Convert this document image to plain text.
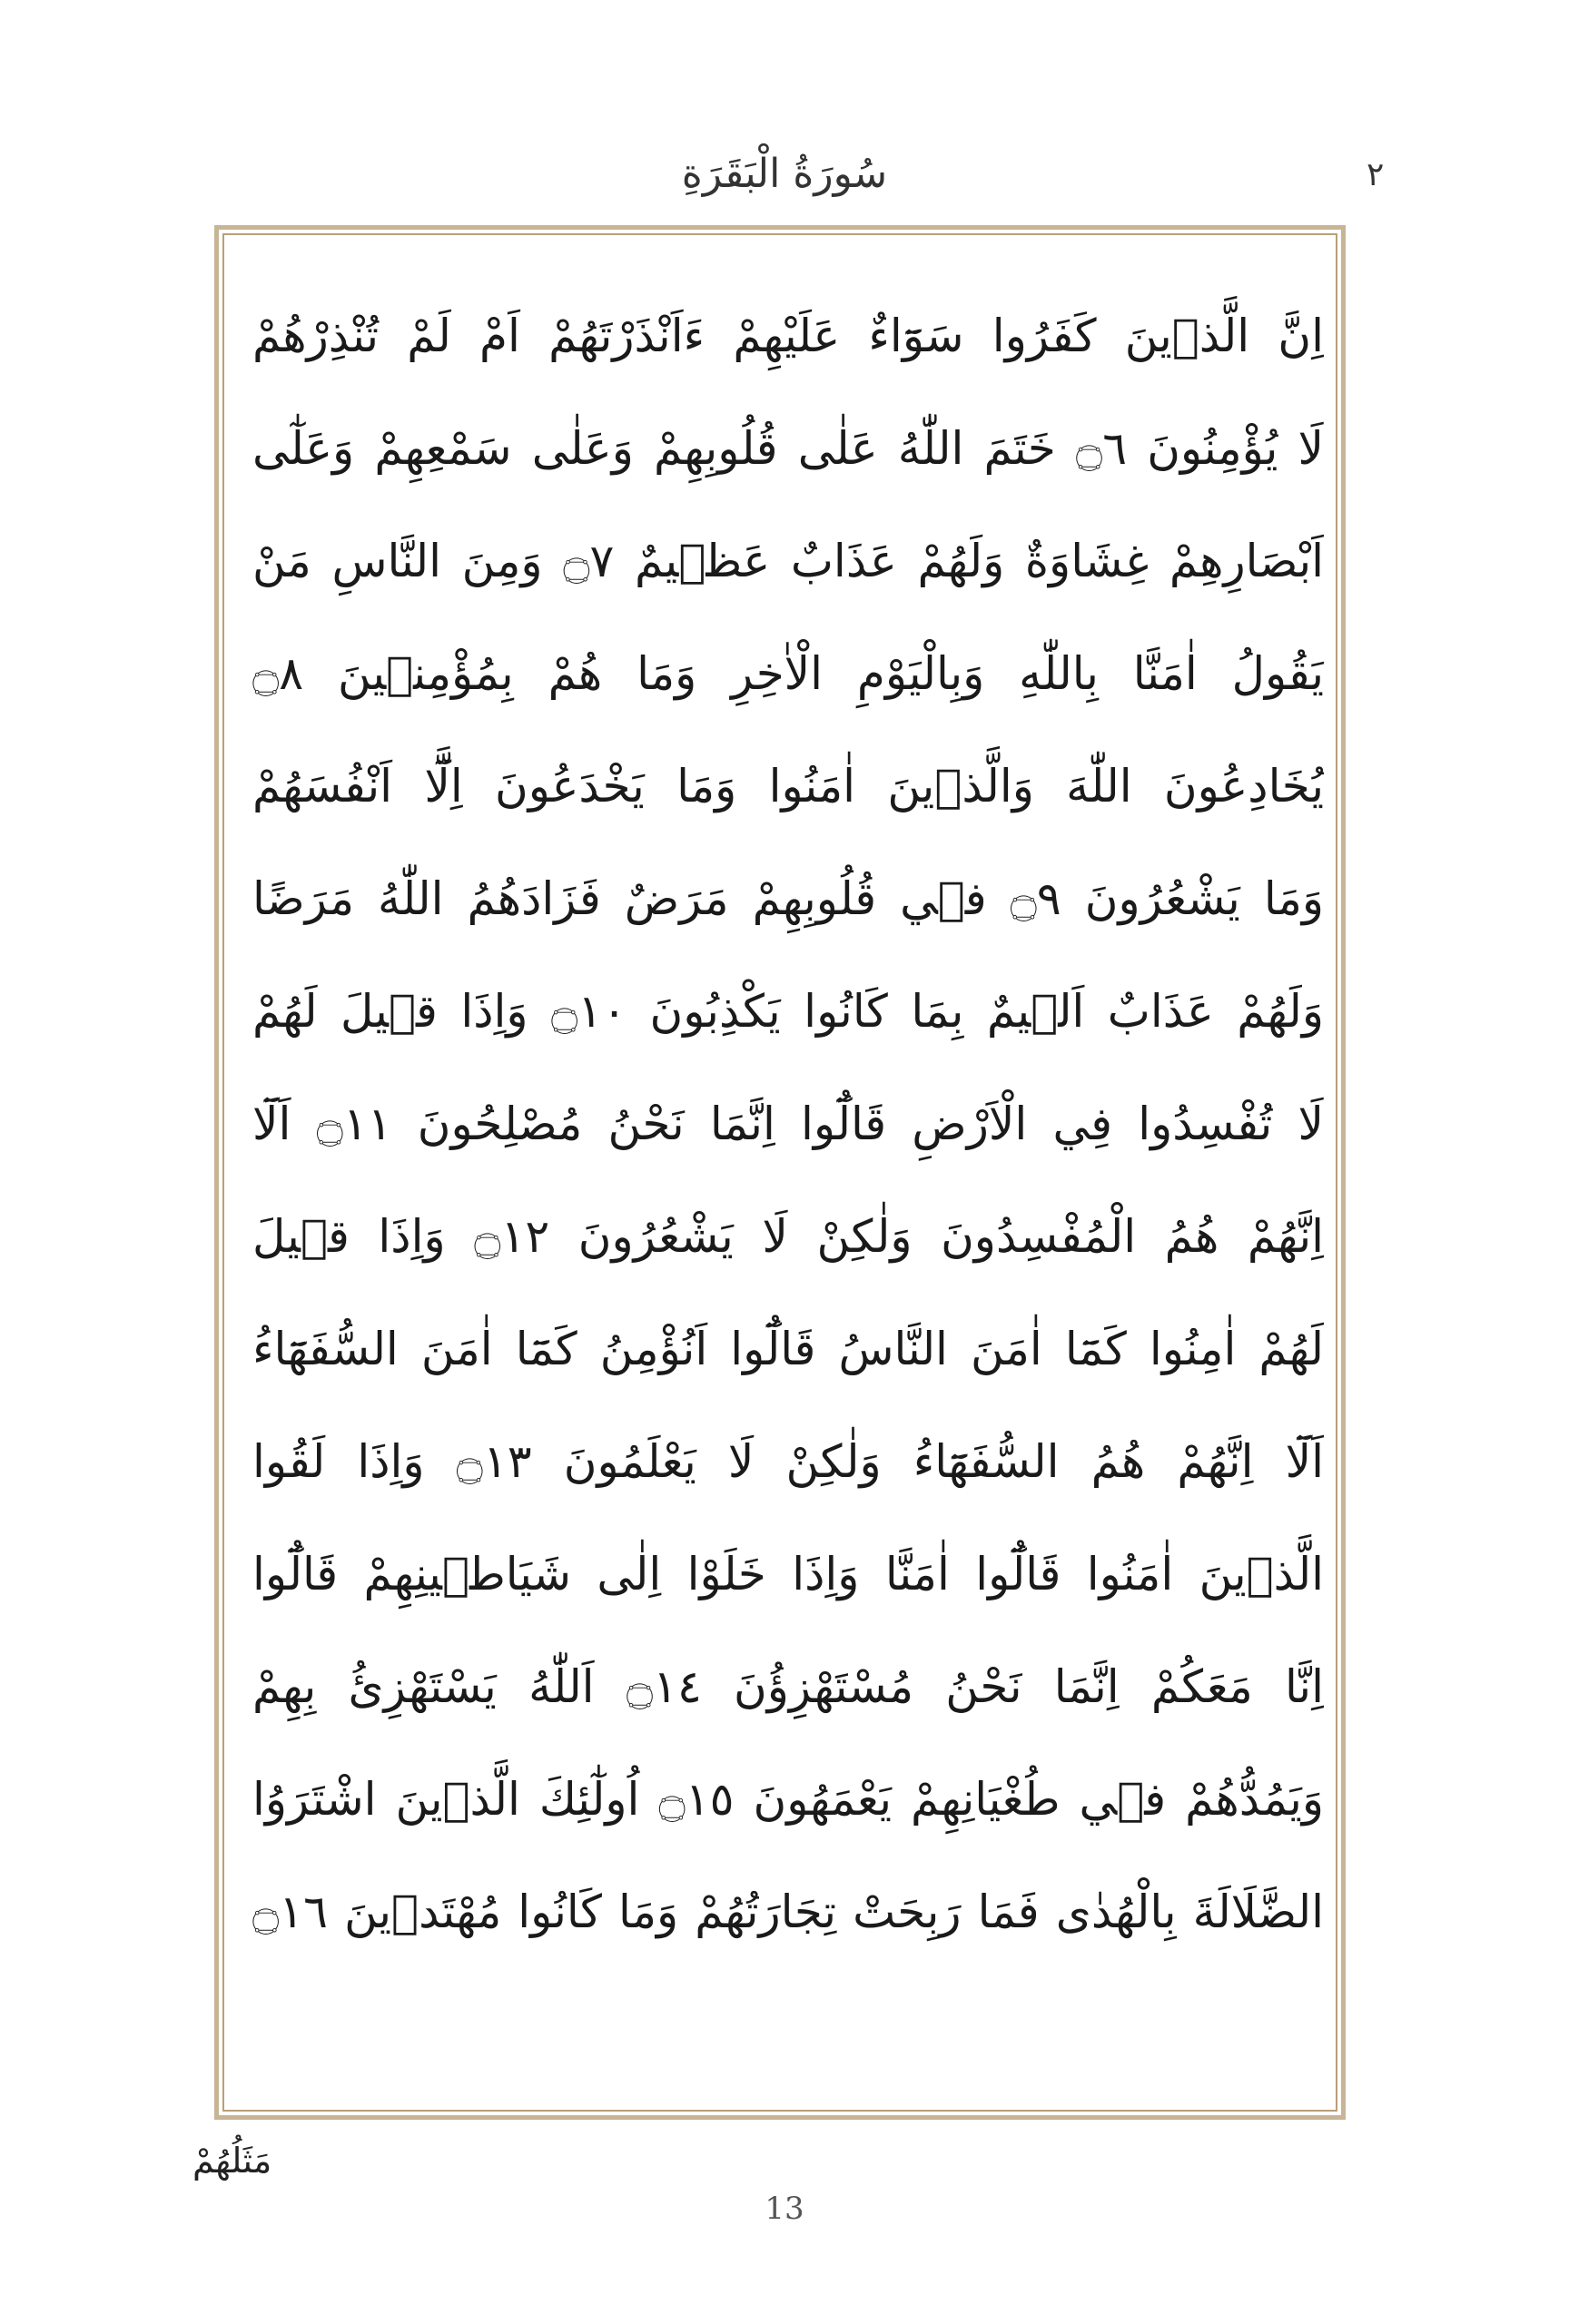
٢
سُورَةُ الْبَقَرَةِ
اِنَّ الَّذٖينَ كَفَرُوا سَوَٓاءٌ عَلَيْهِمْ ءَاَنْذَرْتَهُمْ اَمْ لَمْ تُنْذِرْهُمْ
لَا يُؤْمِنُونَ ۝٦ خَتَمَ اللّٰهُ عَلٰى قُلُوبِهِمْ وَعَلٰى سَمْعِهِمْ وَعَلٰٓى
اَبْصَارِهِمْ غِشَاوَةٌ وَلَهُمْ عَذَابٌ عَظٖيمٌ ۝٧ وَمِنَ النَّاسِ مَنْ
يَقُولُ اٰمَنَّا بِاللّٰهِ وَبِالْيَوْمِ الْاٰخِرِ وَمَا هُمْ بِمُؤْمِنٖينَ ۝٨
يُخَادِعُونَ اللّٰهَ وَالَّذٖينَ اٰمَنُوا وَمَا يَخْدَعُونَ اِلَّٓا اَنْفُسَهُمْ
وَمَا يَشْعُرُونَ ۝٩ فٖي قُلُوبِهِمْ مَرَضٌ فَزَادَهُمُ اللّٰهُ مَرَضًا
وَلَهُمْ عَذَابٌ اَلٖيمٌ بِمَا كَانُوا يَكْذِبُونَ ۝١٠ وَاِذَا قٖيلَ لَهُمْ
لَا تُفْسِدُوا فِي الْاَرْضِ قَالُٓوا اِنَّمَا نَحْنُ مُصْلِحُونَ ۝١١ اَلَٓا
اِنَّهُمْ هُمُ الْمُفْسِدُونَ وَلٰكِنْ لَا يَشْعُرُونَ ۝١٢ وَاِذَا قٖيلَ
لَهُمْ اٰمِنُوا كَمَٓا اٰمَنَ النَّاسُ قَالُٓوا اَنُؤْمِنُ كَمَٓا اٰمَنَ السُّفَهَٓاءُ
اَلَٓا اِنَّهُمْ هُمُ السُّفَهَٓاءُ وَلٰكِنْ لَا يَعْلَمُونَ ۝١٣ وَاِذَا لَقُوا
الَّذٖينَ اٰمَنُوا قَالُٓوا اٰمَنَّا وَاِذَا خَلَوْا اِلٰى شَيَاطٖينِهِمْ قَالُٓوا
اِنَّا مَعَكُمْ اِنَّمَا نَحْنُ مُسْتَهْزِؤُنَ ۝١٤ اَللّٰهُ يَسْتَهْزِئُ بِهِمْ
وَيَمُدُّهُمْ فٖي طُغْيَانِهِمْ يَعْمَهُونَ ۝١٥ اُولٰٓئِكَ الَّذٖينَ اشْتَرَوُا
الضَّلَالَةَ بِالْهُدٰى فَمَا رَبِحَتْ تِجَارَتُهُمْ وَمَا كَانُوا مُهْتَدٖينَ ۝١٦
مَثَلُهُمْ
13
